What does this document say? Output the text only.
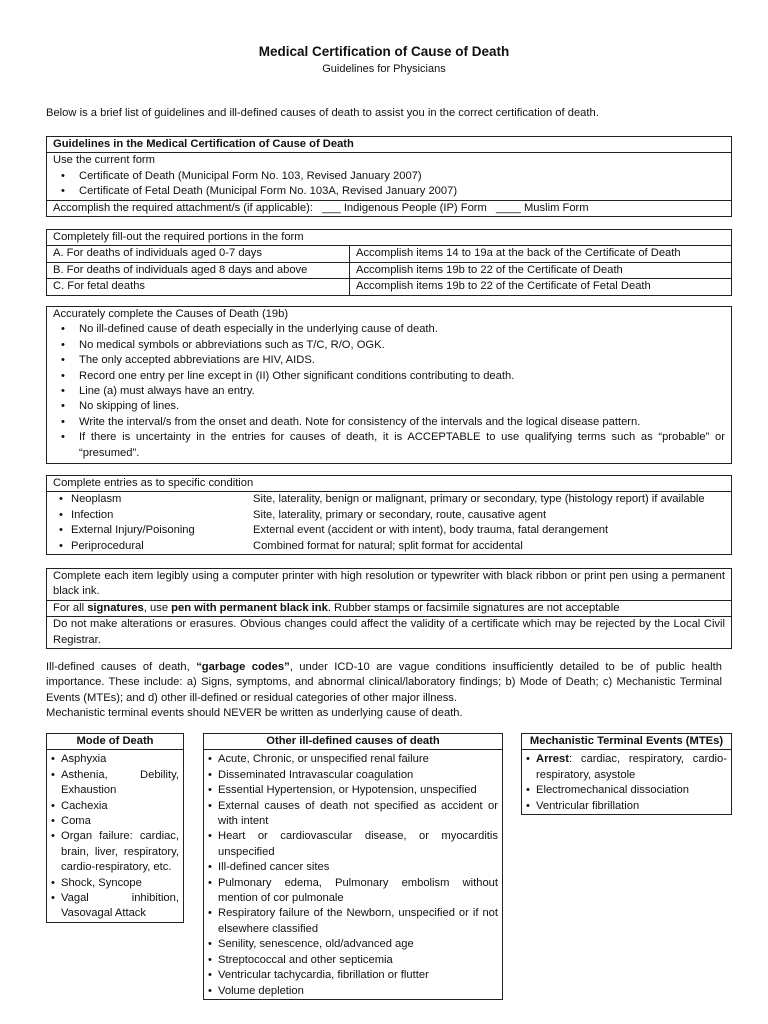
Medical Certification of Cause of Death
Guidelines for Physicians
Below is a brief list of guidelines and ill-defined causes of death to assist you in the correct certification of death.
Guidelines in the Medical Certification of Cause of Death
Use the current form
• Certificate of Death (Municipal Form No. 103, Revised January 2007)
• Certificate of Fetal Death (Municipal Form No. 103A, Revised January 2007)
Accomplish the required attachment/s (if applicable): ___ Indigenous People (IP) Form ____ Muslim Form
Completely fill-out the required portions in the form
A. For deaths of individuals aged 0-7 days	Accomplish items 14 to 19a at the back of the Certificate of Death
B. For deaths of individuals aged 8 days and above	Accomplish items 19b to 22 of the Certificate of Death
C. For fetal deaths	Accomplish items 19b to 22 of the Certificate of Fetal Death
Accurately complete the Causes of Death (19b)
• No ill-defined cause of death especially in the underlying cause of death.
• No medical symbols or abbreviations such as T/C, R/O, OGK.
• The only accepted abbreviations are HIV, AIDS.
• Record one entry per line except in (II) Other significant conditions contributing to death.
• Line (a) must always have an entry.
• No skipping of lines.
• Write the interval/s from the onset and death. Note for consistency of the intervals and the logical disease pattern.
• If there is uncertainty in the entries for causes of death, it is ACCEPTABLE to use qualifying terms such as “probable” or “presumed”.
Complete entries as to specific condition
• Neoplasm	Site, laterality, benign or malignant, primary or secondary, type (histology report) if available
• Infection	Site, laterality, primary or secondary, route, causative agent
• External Injury/Poisoning	External event (accident or with intent), body trauma, fatal derangement
• Periprocedural	Combined format for natural; split format for accidental
Complete each item legibly using a computer printer with high resolution or typewriter with black ribbon or print pen using a permanent black ink.
For all signatures, use pen with permanent black ink. Rubber stamps or facsimile signatures are not acceptable
Do not make alterations or erasures. Obvious changes could affect the validity of a certificate which may be rejected by the Local Civil Registrar.
Ill-defined causes of death, “garbage codes”, under ICD-10 are vague conditions insufficiently detailed to be of public health importance. These include: a) Signs, symptoms, and abnormal clinical/laboratory findings; b) Mode of Death; c) Mechanistic Terminal Events (MTEs); and d) other ill-defined or residual categories of other major illness.
Mechanistic terminal events should NEVER be written as underlying cause of death.
Mode of Death
• Asphyxia
• Asthenia, Debility, Exhaustion
• Cachexia
• Coma
• Organ failure: cardiac, brain, liver, respiratory, cardio-respiratory, etc.
• Shock, Syncope
• Vagal inhibition, Vasovagal Attack
Other ill-defined causes of death
• Acute, Chronic, or unspecified renal failure
• Disseminated Intravascular coagulation
• Essential Hypertension, or Hypotension, unspecified
• External causes of death not specified as accident or with intent
• Heart or cardiovascular disease, or myocarditis unspecified
• Ill-defined cancer sites
• Pulmonary edema, Pulmonary embolism without mention of cor pulmonale
• Respiratory failure of the Newborn, unspecified or if not elsewhere classified
• Senility, senescence, old/advanced age
• Streptococcal and other septicemia
• Ventricular tachycardia, fibrillation or flutter
• Volume depletion
Mechanistic Terminal Events (MTEs)
• Arrest: cardiac, respiratory, cardio-respiratory, asystole
• Electromechanical dissociation
• Ventricular fibrillation
